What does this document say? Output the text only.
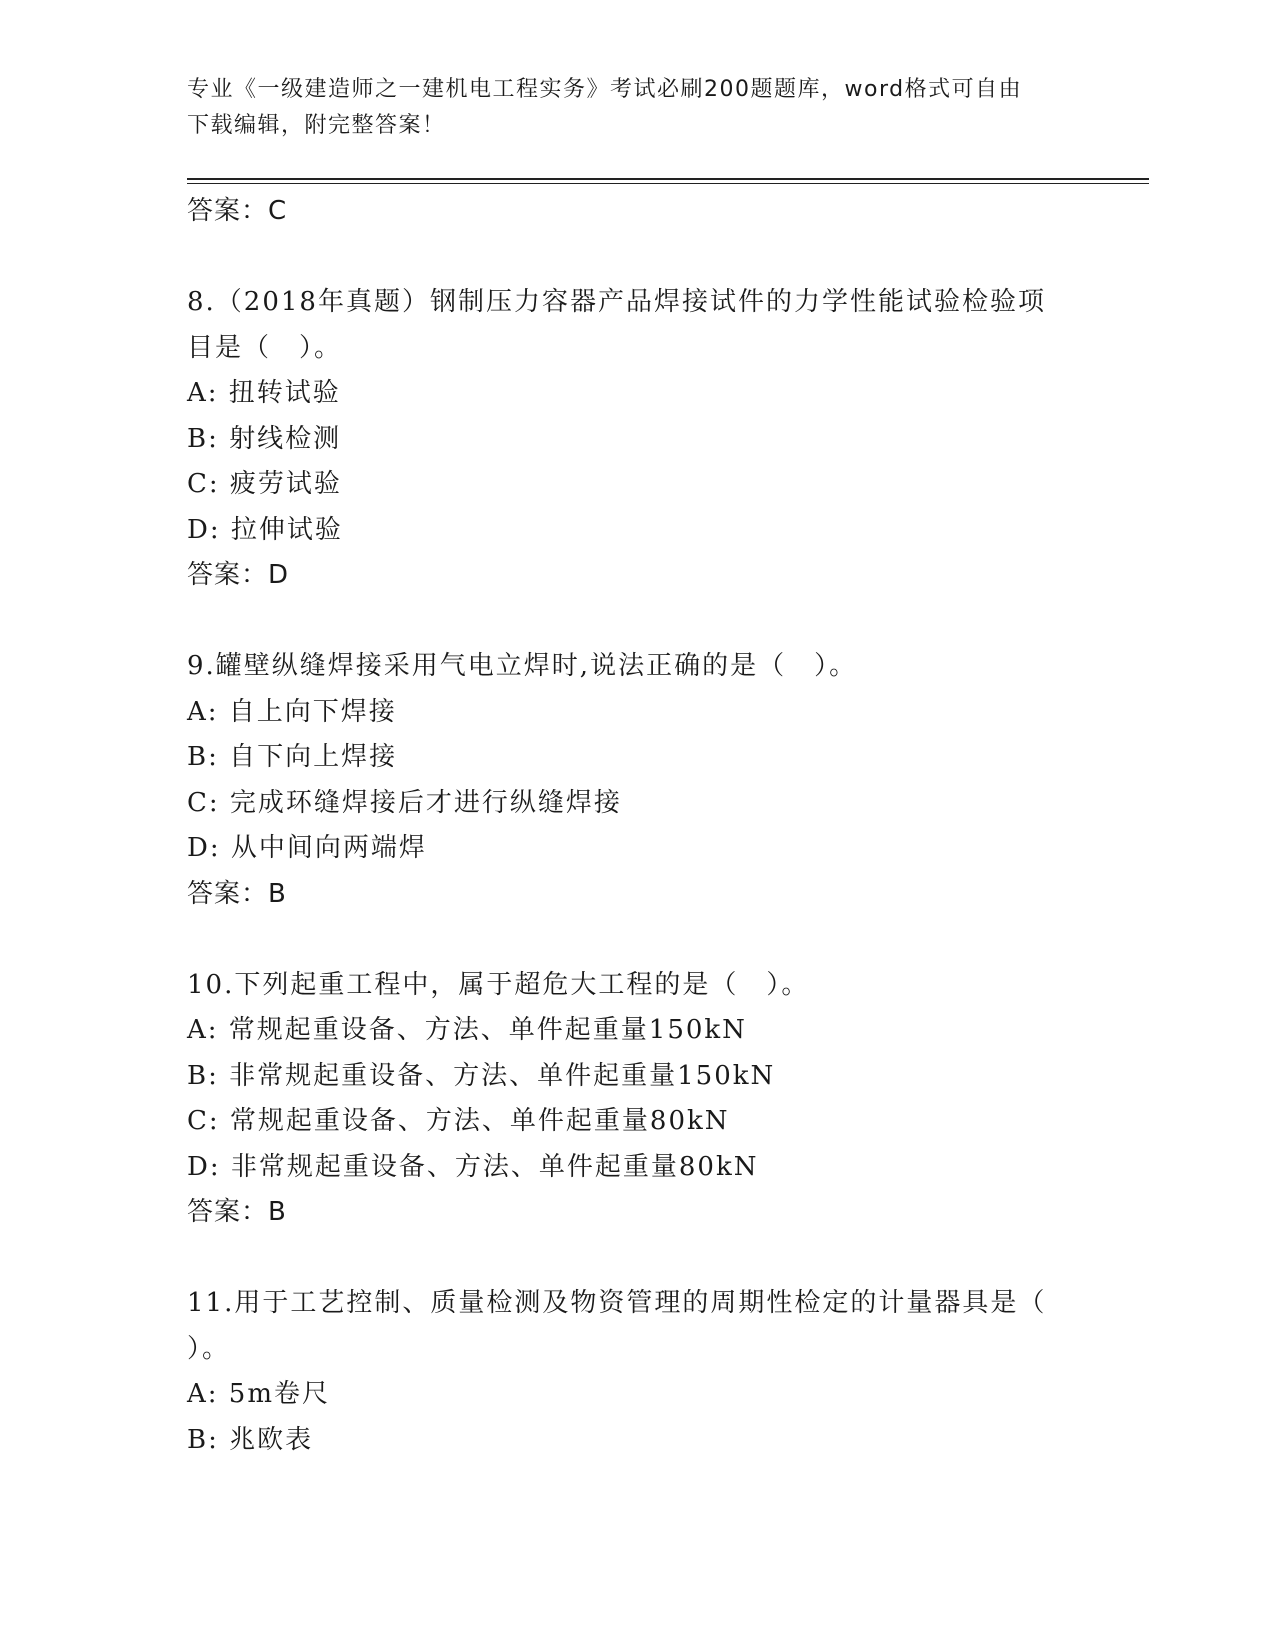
专业《一级建造师之一建机电工程实务》考试必刷200题题库，word格式可自由
下载编辑，附完整答案！
答案：C
8.（2018年真题）钢制压力容器产品焊接试件的力学性能试验检验项
目是（　）。
A: 扭转试验
B: 射线检测
C: 疲劳试验
D: 拉伸试验
答案：D
9.罐壁纵缝焊接采用气电立焊时,说法正确的是（　）。
A: 自上向下焊接
B: 自下向上焊接
C: 完成环缝焊接后才进行纵缝焊接
D: 从中间向两端焊
答案：B
10.下列起重工程中，属于超危大工程的是（　）。
A: 常规起重设备、方法、单件起重量150kN
B: 非常规起重设备、方法、单件起重量150kN
C: 常规起重设备、方法、单件起重量80kN
D: 非常规起重设备、方法、单件起重量80kN
答案：B
11.用于工艺控制、质量检测及物资管理的周期性检定的计量器具是（
）。
A: 5m卷尺
B: 兆欧表
